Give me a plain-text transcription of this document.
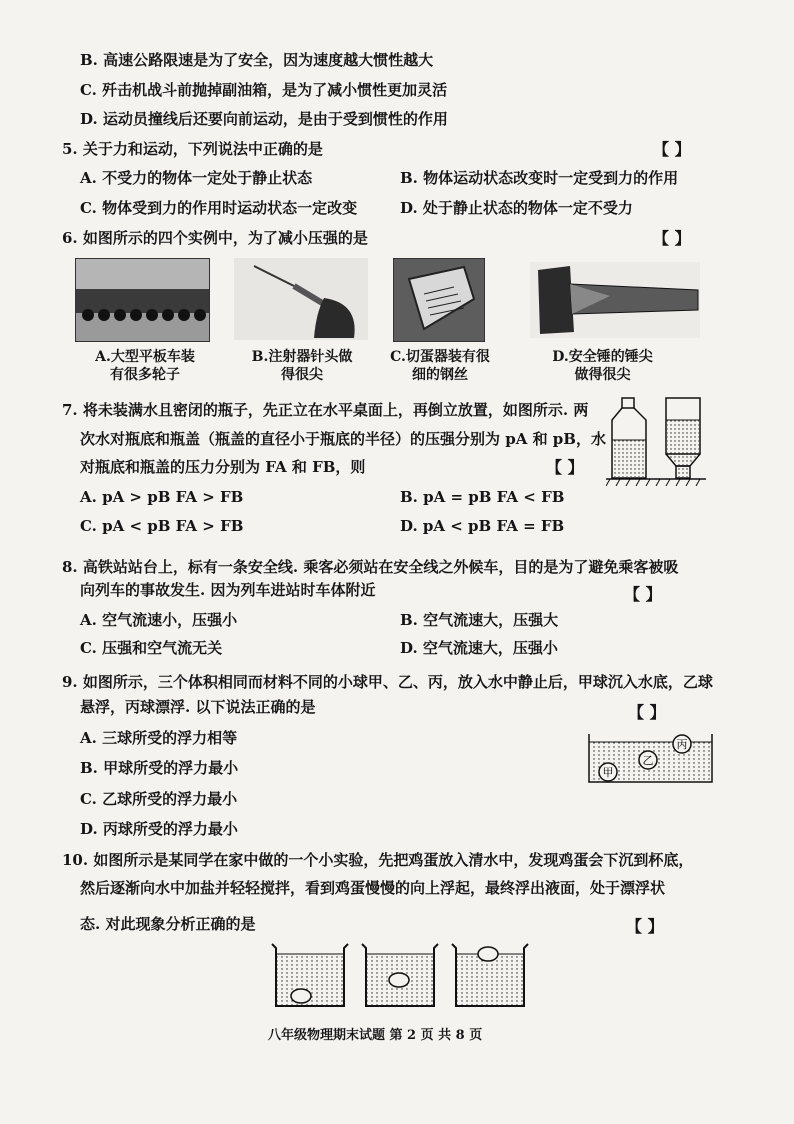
B. 高速公路限速是为了安全，因为速度越大惯性越大
C. 歼击机战斗前抛掉副油箱，是为了减小惯性更加灵活
D. 运动员撞线后还要向前运动，是由于受到惯性的作用
5. 关于力和运动，下列说法中正确的是	【 】
A. 不受力的物体一定处于静止状态	B. 物体运动状态改变时一定受到力的作用
C. 物体受到力的作用时运动状态一定改变	D. 处于静止状态的物体一定不受力
6. 如图所示的四个实例中，为了减小压强的是	【 】
A.大型平板车装
有很多轮子
B.注射器针头做
得很尖
C.切蛋器装有很
细的钢丝
D.安全锤的锤尖
做得很尖
7. 将未装满水且密闭的瓶子，先正立在水平桌面上，再倒立放置，如图所示. 两
次水对瓶底和瓶盖（瓶盖的直径小于瓶底的半径）的压强分别为 pA 和 pB，水
对瓶底和瓶盖的压力分别为 FA 和 FB，则	【 】
A. pA > pB FA > FB	B. pA = pB FA < FB
C. pA < pB FA > FB	D. pA < pB FA = FB
8. 高铁站站台上，标有一条安全线. 乘客必须站在安全线之外候车，目的是为了避免乘客被吸
向列车的事故发生. 因为列车进站时车体附近	【 】
A. 空气流速小，压强小	B. 空气流速大，压强大
C. 压强和空气流无关	D. 空气流速大，压强小
9. 如图所示，三个体积相同而材料不同的小球甲、乙、丙，放入水中静止后，甲球沉入水底，乙球
悬浮，丙球漂浮. 以下说法正确的是	【 】
A. 三球所受的浮力相等
B. 甲球所受的浮力最小
C. 乙球所受的浮力最小
D. 丙球所受的浮力最小
丙
乙
甲
10. 如图所示是某同学在家中做的一个小实验，先把鸡蛋放入清水中，发现鸡蛋会下沉到杯底，
然后逐渐向水中加盐并轻轻搅拌，看到鸡蛋慢慢的向上浮起，最终浮出液面，处于漂浮状
态. 对此现象分析正确的是	【 】
八年级物理期末试题 第 2 页 共 8 页
